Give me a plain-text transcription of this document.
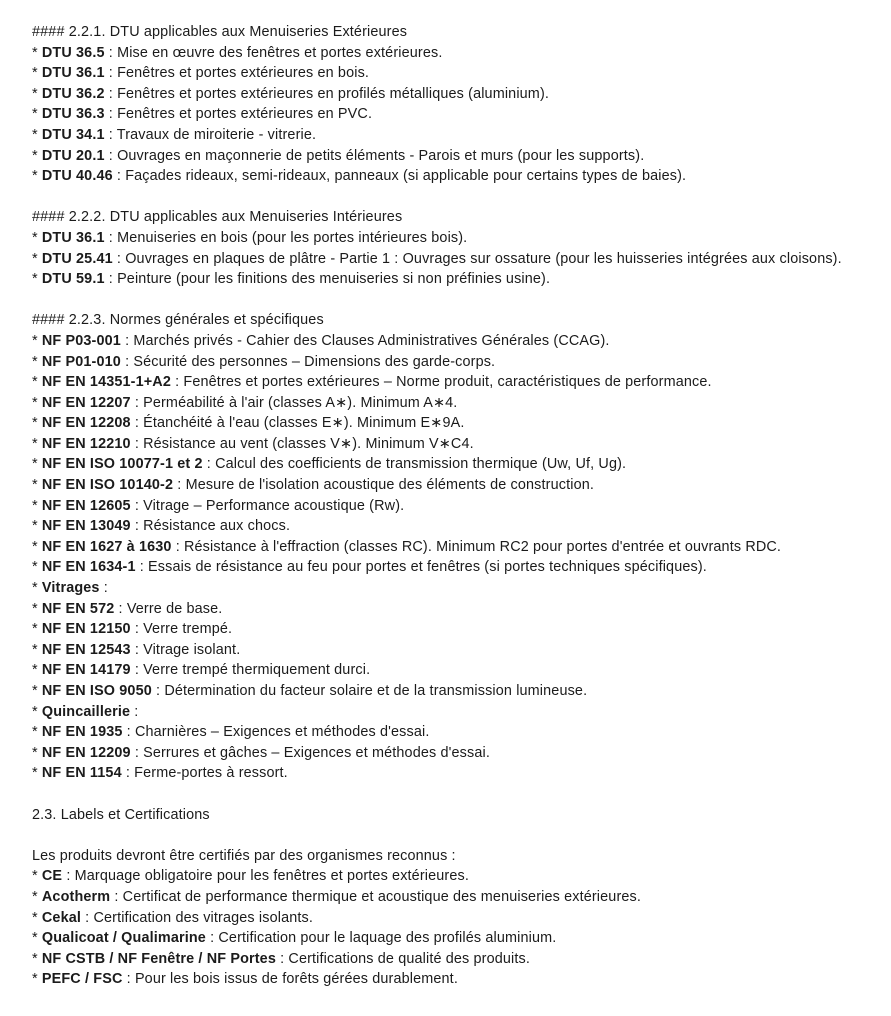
#### 2.2.1. DTU applicables aux Menuiseries Extérieures
* DTU 36.5 : Mise en œuvre des fenêtres et portes extérieures.
* DTU 36.1 : Fenêtres et portes extérieures en bois.
* DTU 36.2 : Fenêtres et portes extérieures en profilés métalliques (aluminium).
* DTU 36.3 : Fenêtres et portes extérieures en PVC.
* DTU 34.1 : Travaux de miroiterie - vitrerie.
* DTU 20.1 : Ouvrages en maçonnerie de petits éléments - Parois et murs (pour les supports).
* DTU 40.46 : Façades rideaux, semi-rideaux, panneaux (si applicable pour certains types de baies).
#### 2.2.2. DTU applicables aux Menuiseries Intérieures
* DTU 36.1 : Menuiseries en bois (pour les portes intérieures bois).
* DTU 25.41 : Ouvrages en plaques de plâtre - Partie 1 : Ouvrages sur ossature (pour les huisseries intégrées aux cloisons).
* DTU 59.1 : Peinture (pour les finitions des menuiseries si non préfinies usine).
#### 2.2.3. Normes générales et spécifiques
* NF P03-001 : Marchés privés - Cahier des Clauses Administratives Générales (CCAG).
* NF P01-010 : Sécurité des personnes – Dimensions des garde-corps.
* NF EN 14351-1+A2 : Fenêtres et portes extérieures – Norme produit, caractéristiques de performance.
* NF EN 12207 : Perméabilité à l'air (classes A∗). Minimum A∗4.
* NF EN 12208 : Étanchéité à l'eau (classes E∗). Minimum E∗9A.
* NF EN 12210 : Résistance au vent (classes V∗). Minimum V∗C4.
* NF EN ISO 10077-1 et 2 : Calcul des coefficients de transmission thermique (Uw, Uf, Ug).
* NF EN ISO 10140-2 : Mesure de l'isolation acoustique des éléments de construction.
* NF EN 12605 : Vitrage – Performance acoustique (Rw).
* NF EN 13049 : Résistance aux chocs.
* NF EN 1627 à 1630 : Résistance à l'effraction (classes RC). Minimum RC2 pour portes d'entrée et ouvrants RDC.
* NF EN 1634-1 : Essais de résistance au feu pour portes et fenêtres (si portes techniques spécifiques).
* Vitrages :
* NF EN 572 : Verre de base.
* NF EN 12150 : Verre trempé.
* NF EN 12543 : Vitrage isolant.
* NF EN 14179 : Verre trempé thermiquement durci.
* NF EN ISO 9050 : Détermination du facteur solaire et de la transmission lumineuse.
* Quincaillerie :
* NF EN 1935 : Charnières – Exigences et méthodes d'essai.
* NF EN 12209 : Serrures et gâches – Exigences et méthodes d'essai.
* NF EN 1154 : Ferme-portes à ressort.
2.3. Labels et Certifications
Les produits devront être certifiés par des organismes reconnus :
* CE : Marquage obligatoire pour les fenêtres et portes extérieures.
* Acotherm : Certificat de performance thermique et acoustique des menuiseries extérieures.
* Cekal : Certification des vitrages isolants.
* Qualicoat / Qualimarine : Certification pour le laquage des profilés aluminium.
* NF CSTB / NF Fenêtre / NF Portes : Certifications de qualité des produits.
* PEFC / FSC : Pour les bois issus de forêts gérées durablement.
